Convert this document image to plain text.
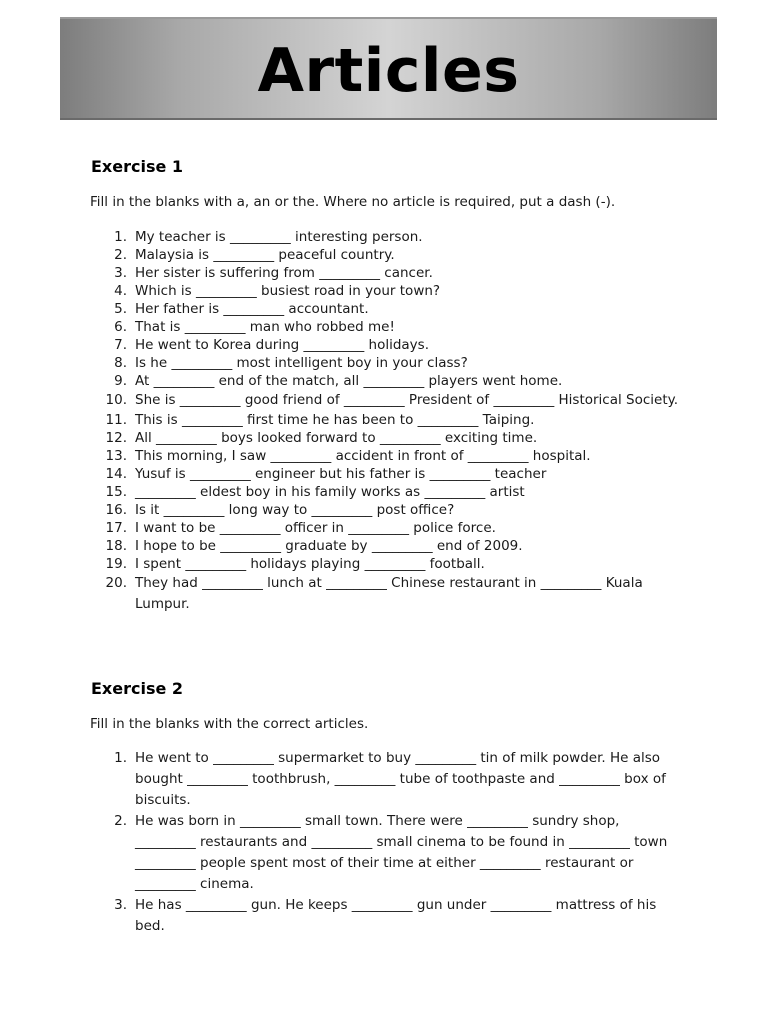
Articles
Exercise 1
Fill in the blanks with a, an or the. Where no article is required, put a dash (-).
1. My teacher is _________ interesting person.
2. Malaysia is _________ peaceful country.
3. Her sister is suffering from _________ cancer.
4. Which is _________ busiest road in your town?
5. Her father is _________ accountant.
6. That is _________ man who robbed me!
7. He went to Korea during _________ holidays.
8. Is he _________ most intelligent boy in your class?
9. At _________ end of the match, all _________ players went home.
10. She is _________ good friend of _________ President of _________ Historical Society.
11. This is _________ first time he has been to _________ Taiping.
12. All _________ boys looked forward to _________ exciting time.
13. This morning, I saw _________ accident in front of _________ hospital.
14. Yusuf is _________ engineer but his father is _________ teacher
15. _________ eldest boy in his family works as _________ artist
16. Is it _________ long way to _________ post office?
17. I want to be _________ officer in _________ police force.
18. I hope to be _________ graduate by _________ end of 2009.
19. I spent _________ holidays playing _________ football.
20. They had _________ lunch at _________ Chinese restaurant in _________ Kuala Lumpur.
Exercise 2
Fill in the blanks with the correct articles.
1. He went to _________ supermarket to buy _________ tin of milk powder. He also bought _________ toothbrush, _________ tube of toothpaste and _________ box of biscuits.
2. He was born in _________ small town. There were _________ sundry shop, _________ restaurants and _________ small cinema to be found in _________ town _________ people spent most of their time at either _________ restaurant or _________ cinema.
3. He has _________ gun. He keeps _________ gun under _________ mattress of his bed.
